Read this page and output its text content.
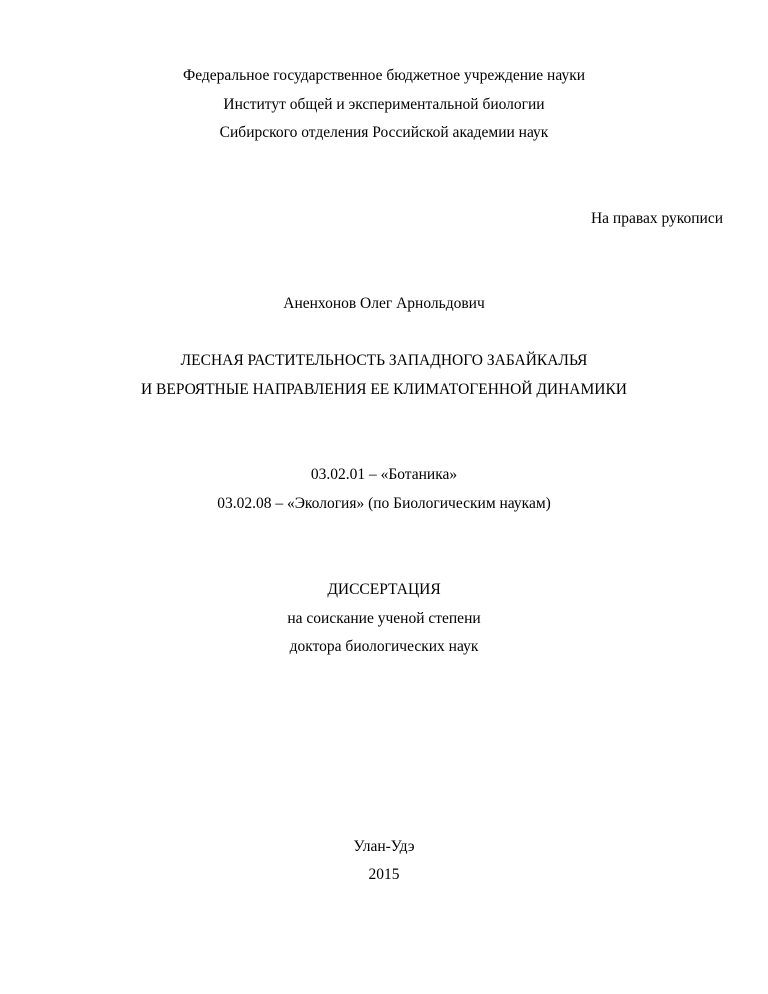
Федеральное государственное бюджетное учреждение науки
Институт общей и экспериментальной биологии
Сибирского отделения Российской академии наук
На правах рукописи
Аненхонов Олег Арнольдович
ЛЕСНАЯ РАСТИТЕЛЬНОСТЬ ЗАПАДНОГО ЗАБАЙКАЛЬЯ
И ВЕРОЯТНЫЕ НАПРАВЛЕНИЯ ЕЕ КЛИМАТОГЕННОЙ ДИНАМИКИ
03.02.01 – «Ботаника»
03.02.08 – «Экология» (по Биологическим наукам)
ДИССЕРТАЦИЯ
на соискание ученой степени
доктора биологических наук
Улан-Удэ
2015
